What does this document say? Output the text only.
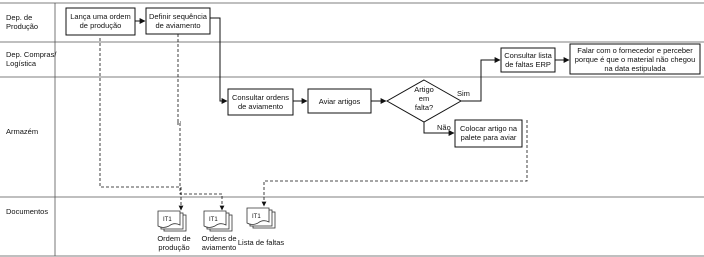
Dep. de
Produção
Dep. Compras/
Logística
Armazém
Documentos
Lança uma ordem
de produção
Definir sequência
de aviamento
Consultar ordens
de aviamento
Aviar artigos
Consultar lista
de faltas ERP
Falar com o fornecedor e perceber
porque é que o material não chegou
na data estipulada
Colocar artigo na
palete para aviar
Artigo
em
falta?
Sim
Não
IT1
Ordem de
produção
IT1
Ordens de
aviamento
IT1
Lista de faltas
